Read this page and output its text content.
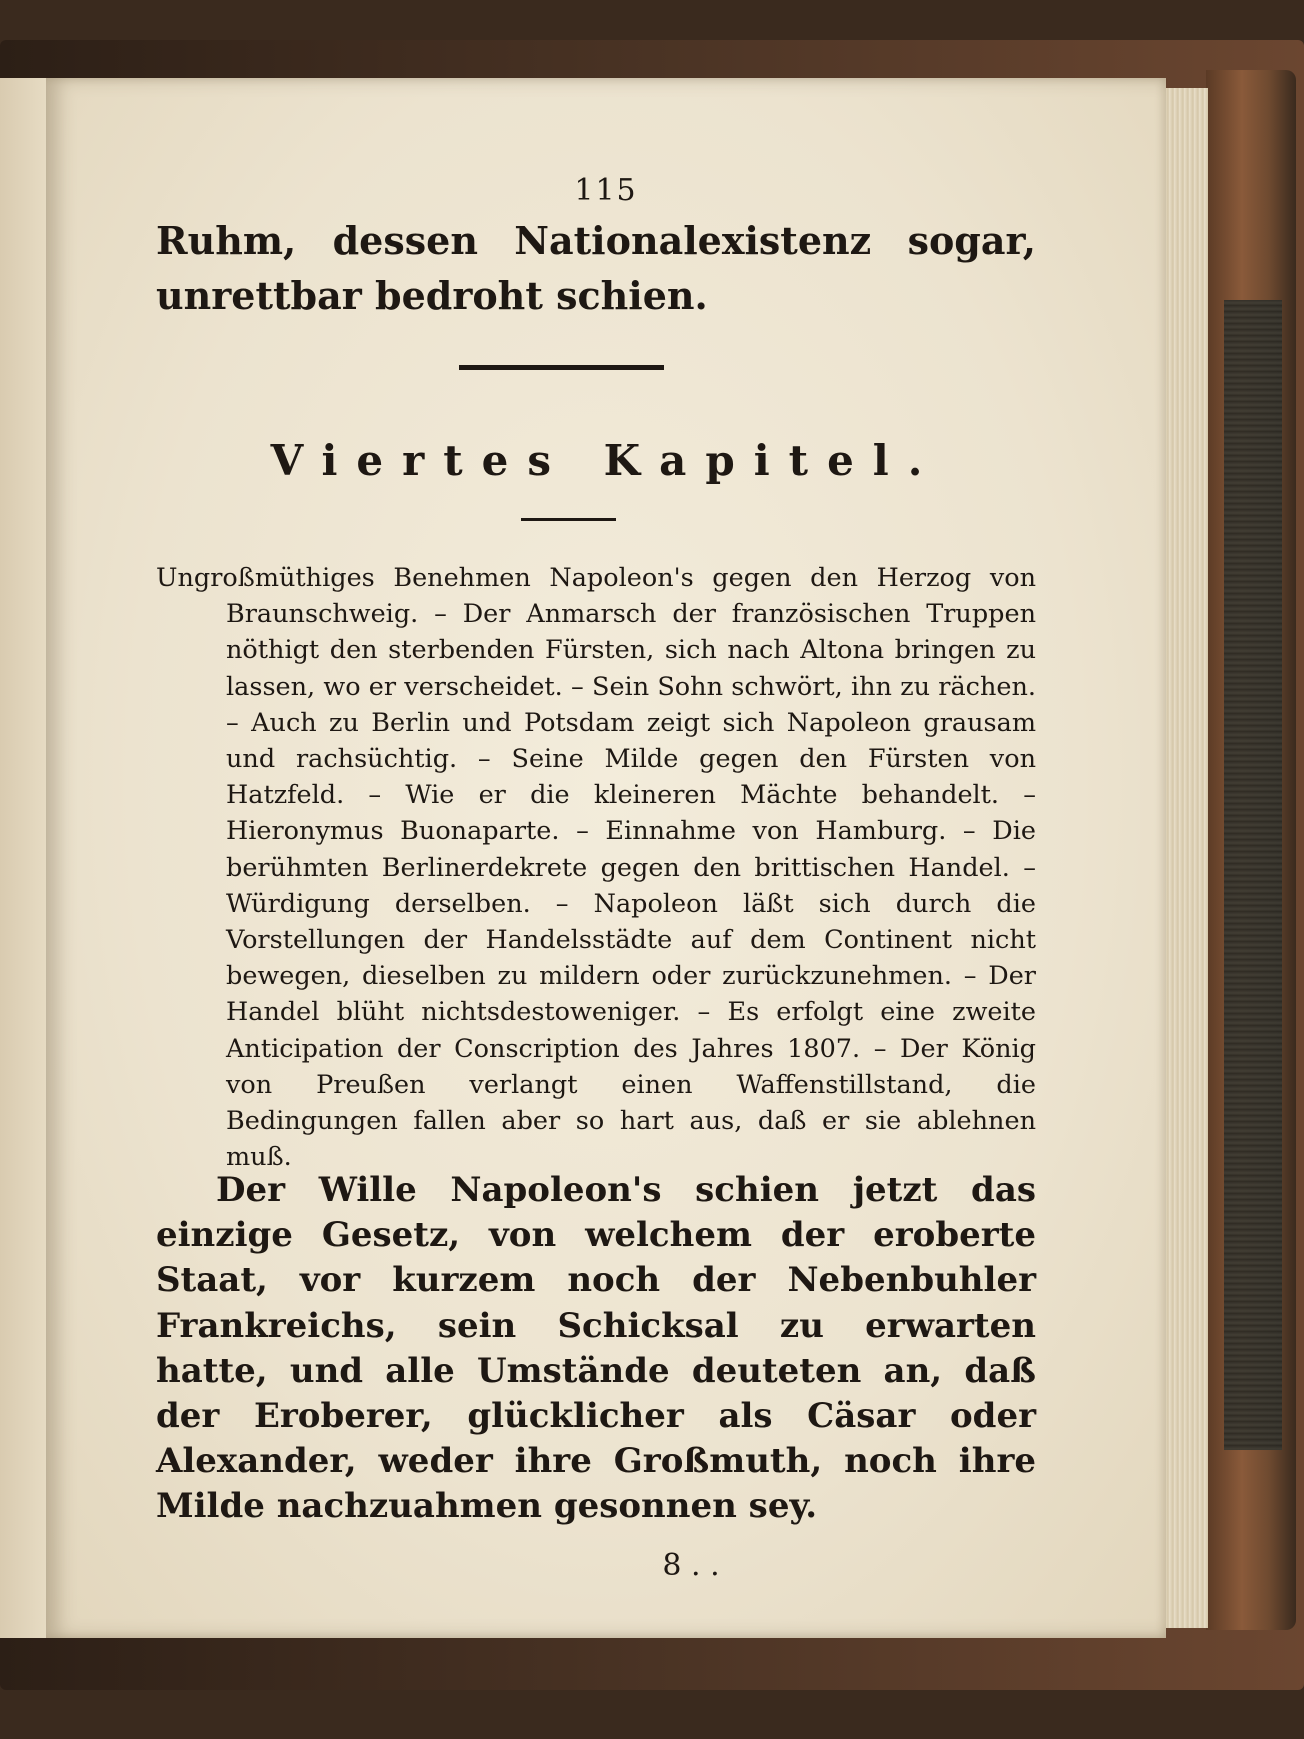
115
Ruhm, dessen Nationalexistenz sogar, unrettbar bedroht schien.
Viertes Kapitel.
Ungroßmüthiges Benehmen Napoleon's gegen den Herzog von Braunschweig. – Der Anmarsch der französischen Truppen nöthigt den sterbenden Fürsten, sich nach Altona bringen zu lassen, wo er verscheidet. – Sein Sohn schwört, ihn zu rächen. – Auch zu Berlin und Potsdam zeigt sich Napoleon grausam und rachsüchtig. – Seine Milde gegen den Fürsten von Hatzfeld. – Wie er die kleineren Mächte behandelt. – Hieronymus Buonaparte. – Einnahme von Hamburg. – Die berühmten Berlinerdekrete gegen den brittischen Handel. – Würdigung derselben. – Napoleon läßt sich durch die Vorstellungen der Handelsstädte auf dem Continent nicht bewegen, dieselben zu mildern oder zurückzunehmen. – Der Handel blüht nichtsdestoweniger. – Es erfolgt eine zweite Anticipation der Conscription des Jahres 1807. – Der König von Preußen verlangt einen Waffenstillstand, die Bedingungen fallen aber so hart aus, daß er sie ablehnen muß.
Der Wille Napoleon's schien jetzt das einzige Gesetz, von welchem der eroberte Staat, vor kurzem noch der Nebenbuhler Frankreichs, sein Schicksal zu erwarten hatte, und alle Umstände deuteten an, daß der Eroberer, glücklicher als Cäsar oder Alexander, weder ihre Großmuth, noch ihre Milde nachzuahmen gesonnen sey.
8 . .
